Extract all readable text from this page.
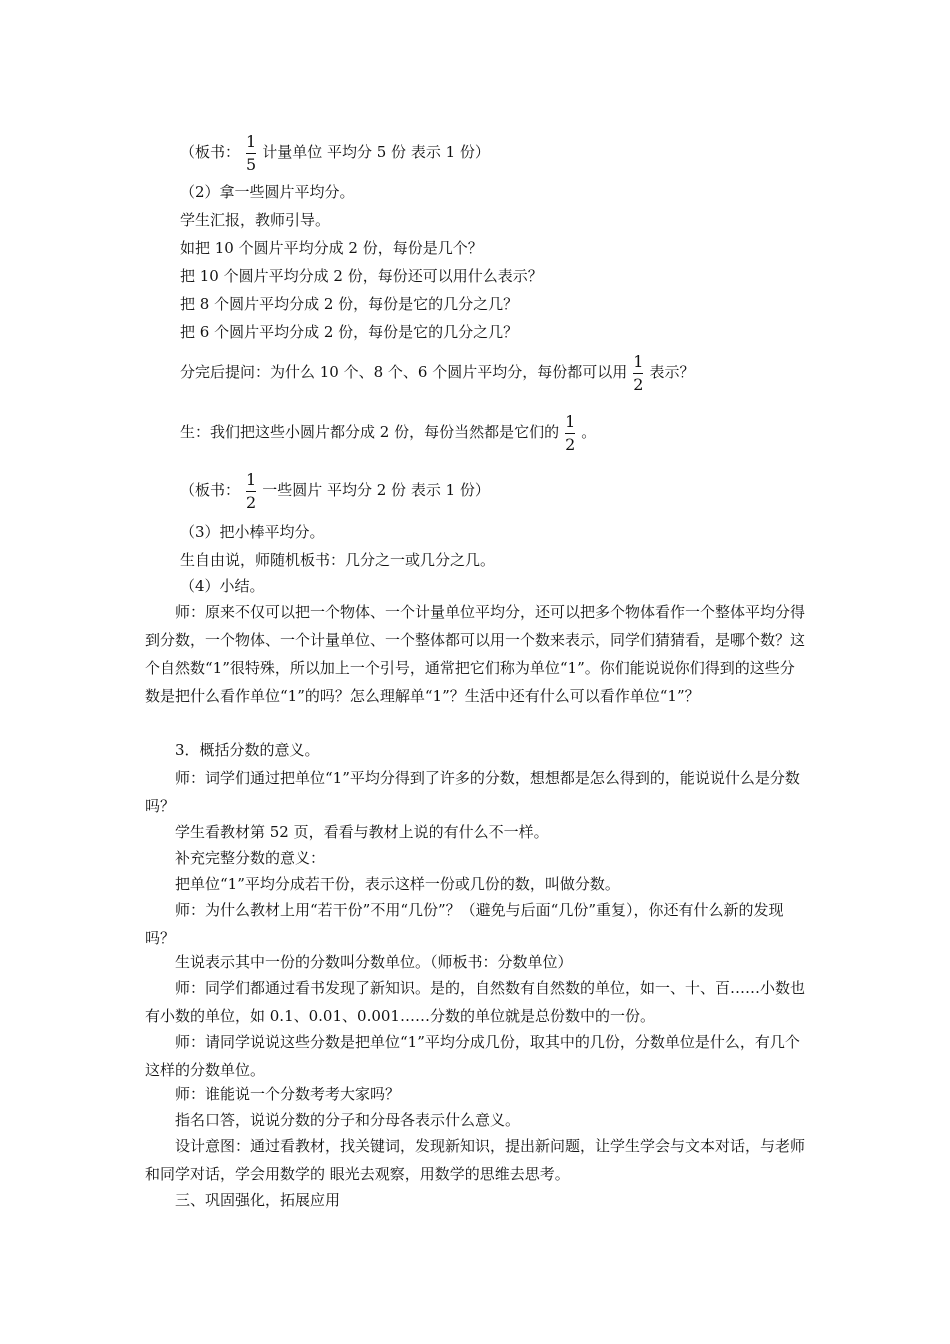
（板书： $\frac{1}{5}$ 计量单位 平均分 5 份 表示 1 份）
（2）拿一些圆片平均分。
学生汇报，教师引导。
如把 10 个圆片平均分成 2 份，每份是几个？
把 10 个圆片平均分成 2 份，每份还可以用什么表示？
把 8 个圆片平均分成 2 份，每份是它的几分之几？
把 6 个圆片平均分成 2 份，每份是它的几分之几？
分完后提问：为什么 10 个、8 个、6 个圆片平均分，每份都可以用 $\frac{1}{2}$ 表示？
生：我们把这些小圆片都分成 2 份，每份当然都是它们的 $\frac{1}{2}$ 。
（板书： $\frac{1}{2}$ 一些圆片 平均分 2 份 表示 1 份）
（3）把小棒平均分。
生自由说，师随机板书：几分之一或几分之几。
（4）小结。
师：原来不仅可以把一个物体、一个计量单位平均分，还可以把多个物体看作一个整体平均分得到分数，一个物体、一个计量单位、一个整体都可以用一个数来表示，同学们猜猜看，是哪个数？这个自然数“1”很特殊，所以加上一个引号，通常把它们称为单位“1”。你们能说说你们得到的这些分数是把什么看作单位“1”的吗？怎么理解单“1”？生活中还有什么可以看作单位“1”？
3．概括分数的意义。
师：词学们通过把单位“1”平均分得到了许多的分数，想想都是怎么得到的，能说说什么是分数吗？
学生看教材第 52 页，看看与教材上说的有什么不一样。
补充完整分数的意义：
把单位“1”平均分成若干份，表示这样一份或几份的数，叫做分数。
师：为什么教材上用“若干份”不用“几份”？（避免与后面“几份”重复），你还有什么新的发现吗？
生说表示其中一份的分数叫分数单位。（师板书：分数单位）
师：同学们都通过看书发现了新知识。是的，自然数有自然数的单位，如一、十、百……小数也有小数的单位，如 0.1、0.01、0.001……分数的单位就是总份数中的一份。
师：请同学说说这些分数是把单位“1”平均分成几份，取其中的几份，分数单位是什么，有几个这样的分数单位。
师：谁能说一个分数考考大家吗？
指名口答，说说分数的分子和分母各表示什么意义。
设计意图：通过看教材，找关键词，发现新知识，提出新问题，让学生学会与文本对话，与老师和同学对话，学会用数学的 眼光去观察，用数学的思维去思考。
三、巩固强化，拓展应用
